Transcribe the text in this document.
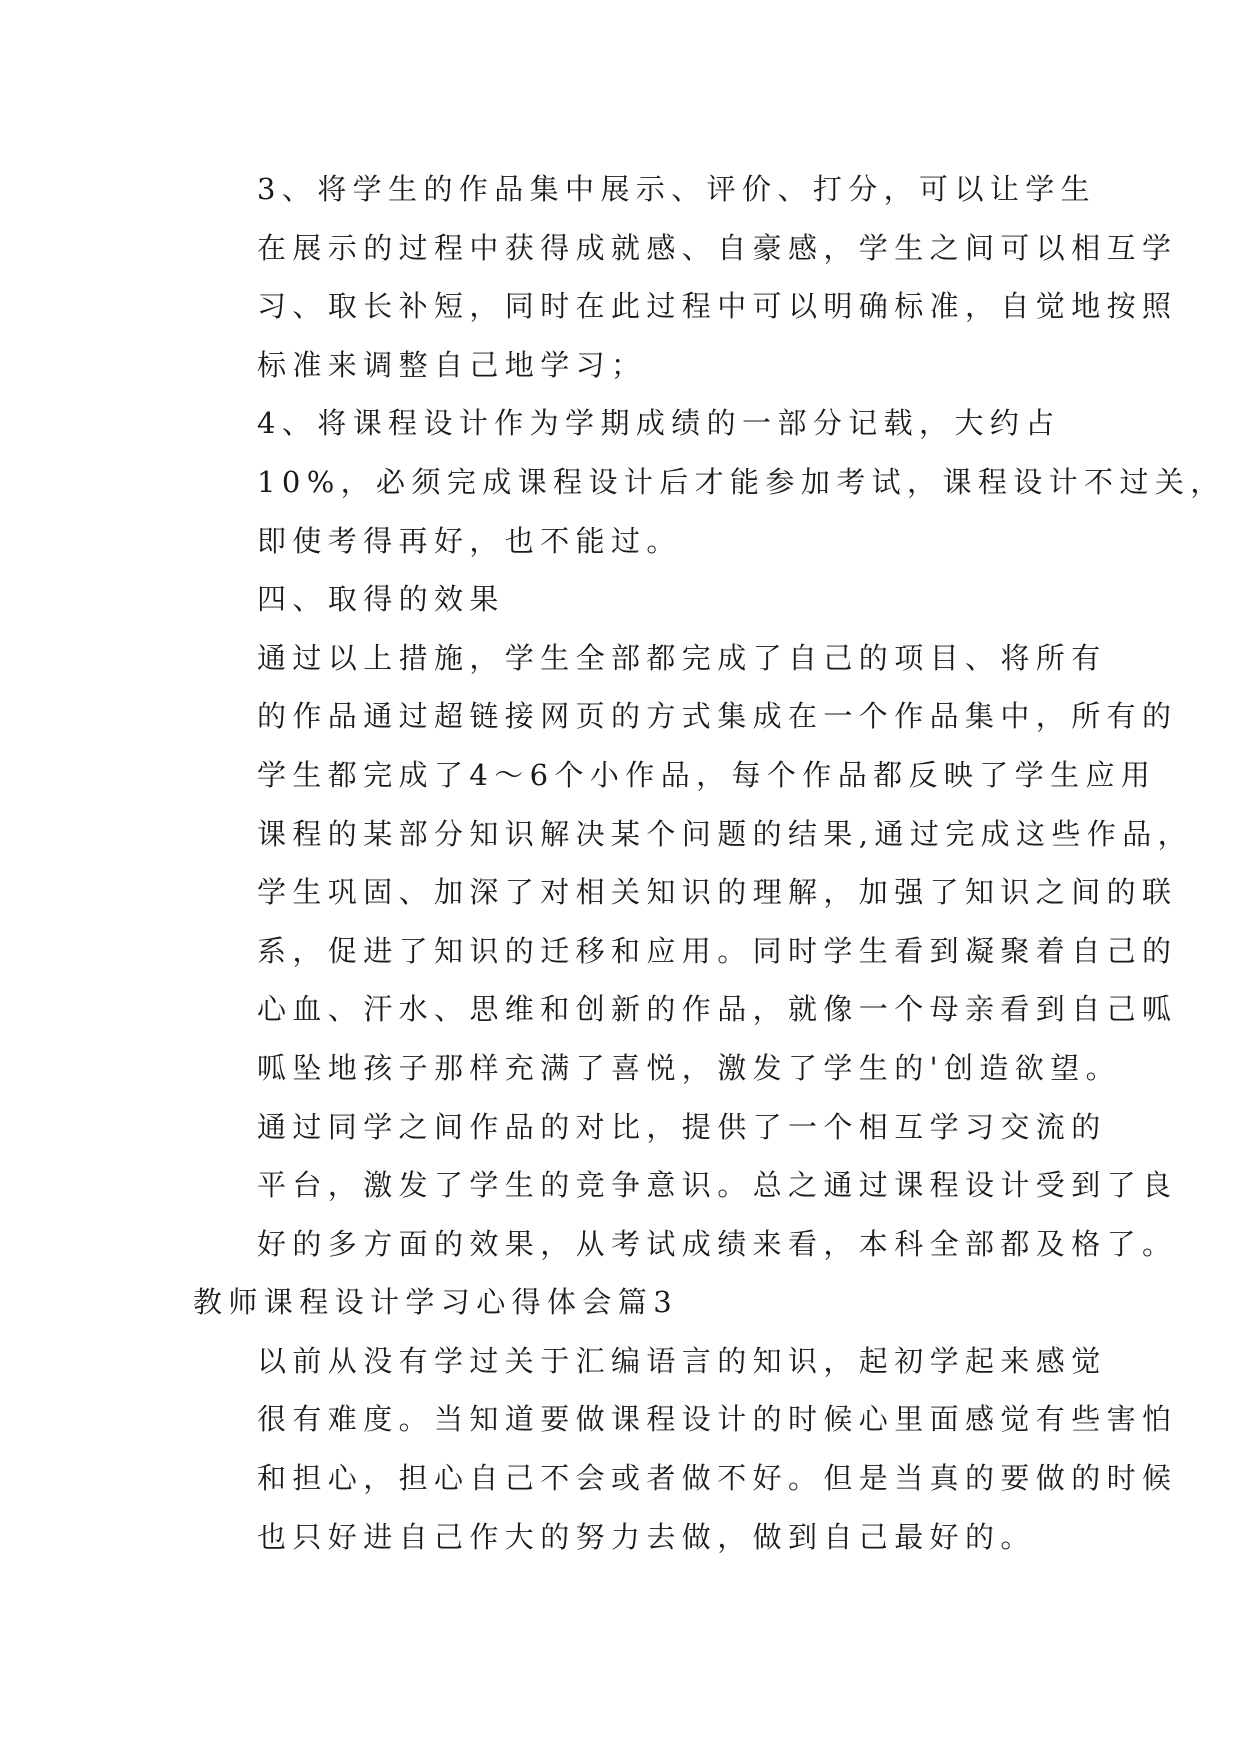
3、将学生的作品集中展示、评价、打分，可以让学生
在展示的过程中获得成就感、自豪感，学生之间可以相互学
习、取长补短，同时在此过程中可以明确标准，自觉地按照
标准来调整自己地学习；

4、将课程设计作为学期成绩的一部分记载，大约占
10%，必须完成课程设计后才能参加考试，课程设计不过关，
即使考得再好，也不能过。

四、取得的效果

通过以上措施，学生全部都完成了自己的项目、将所有
的作品通过超链接网页的方式集成在一个作品集中，所有的
学生都完成了4～6个小作品，每个作品都反映了学生应用
课程的某部分知识解决某个问题的结果,通过完成这些作品，
学生巩固、加深了对相关知识的理解，加强了知识之间的联
系，促进了知识的迁移和应用。同时学生看到凝聚着自己的
心血、汗水、思维和创新的作品，就像一个母亲看到自己呱
呱坠地孩子那样充满了喜悦，激发了学生的'创造欲望。

通过同学之间作品的对比，提供了一个相互学习交流的
平台，激发了学生的竞争意识。总之通过课程设计受到了良
好的多方面的效果，从考试成绩来看，本科全部都及格了。

教师课程设计学习心得体会篇3

以前从没有学过关于汇编语言的知识，起初学起来感觉
很有难度。当知道要做课程设计的时候心里面感觉有些害怕
和担心，担心自己不会或者做不好。但是当真的要做的时候
也只好进自己作大的努力去做，做到自己最好的。
